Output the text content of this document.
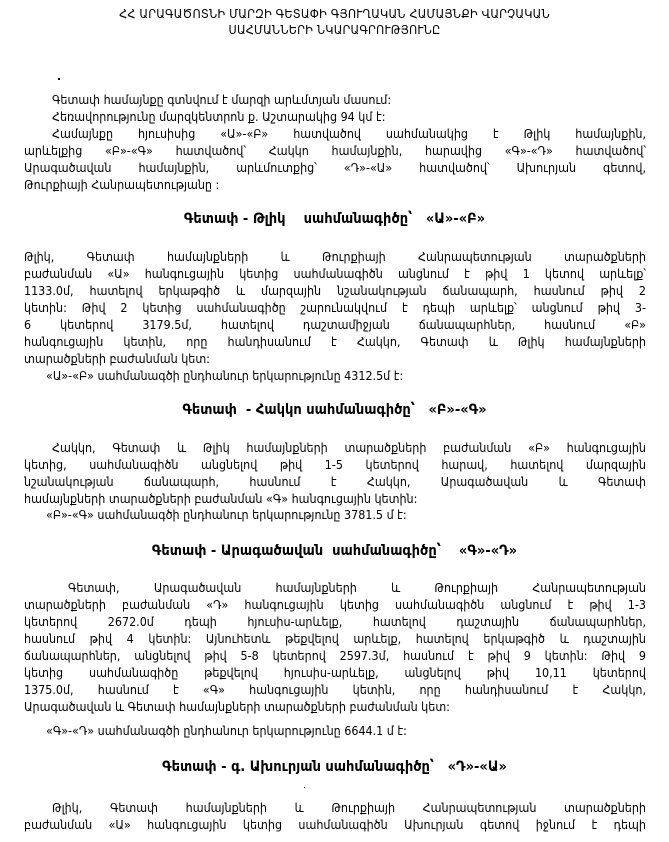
ՀՀ ԱՐԱԳԱԾՈՏՆԻ ՄԱՐԶԻ ԳԵՏԱՓԻ ԳՅՈՒՂԱԿԱՆ ՀԱՄԱՅՆՔԻ ՎԱՐՉԱԿԱՆ
ՍԱՀՄԱՆՆԵՐԻ ՆԿԱՐԱԳՐՈՒԹՅՈՒՆԸ
Գետափ համայնքը գտնվում է մարզի արևմտյան մասում:
Հեռավորությունը մարզկենտրոն ք. Աշտարակից 94 կմ է:
Համայնքը հյուսիսից «Ա»-«Բ» հատվածով սահմանակից է Թլիկ համայնքին,
արևելքից «Բ»-«Գ» հատվածով՝ Հակկո համայնքին, հարավից «Գ»-«Դ» հատվածով՝
Արագածավան համայնքին, արևմուտքից՝ «Դ»-«Ա» հատվածով՝ Ախուրյան գետով,
Թուրքիայի Հանրապետությանը :
Գետափ - Թլիկ    սահմանագիծը՝   «Ա»-«Բ»
Թլիկ, Գետափ համայնքների և Թուրքիայի Հանրապետության տարածքների
բաժանման «Ա» հանգուցային կետից սահմանագիծն անցնում է թիվ 1 կետով արևելք՝
1133.0մ, հատելով երկաթգիծ և մարզային նշանակության ճանապարհ, հասնում թիվ 2
կետին: Թիվ 2 կետից սահմանագիծը շարունակվում է դեպի արևելք՝ անցնում թիվ 3-
6 կետերով 3179.5մ, հատելով դաշտամիջյան ճանապարհներ, հասնում «Բ»
հանգուցային կետին, որը հանդիսանում է Հակկո, Գետափ և Թլիկ համայնքների
տարածքների բաժանման կետ:
«Ա»-«Բ» սահմանագծի ընդհանուր երկարությունը 4312.5մ է:
Գետափ  - Հակկո սահմանագիծը՝   «Բ»-«Գ»
Հակկո, Գետափ և Թլիկ համայնքների տարածքների բաժանման «Բ» հանգուցային
կետից, սահմանագիծն անցնելով թիվ 1-5 կետերով հարավ, հատելով մարզային
նշանակության ճանապարհ, հասնում է Հակկո, Արագածավան և Գետափ
համայնքների տարածքների բաժանման «Գ» հանգուցային կետին:
«Բ»-«Գ» սահմանագծի ընդհանուր երկարությունը 3781.5 մ է:
Գետափ - Արագածավան  սահմանագիծը՝    «Գ»-«Դ»
Գետափ, Արագածավան համայնքների և Թուրքիայի Հանրապետության
տարածքների բաժանման «Դ» հանգուցային կետից սահմանագիծն անցնում է թիվ 1-3
կետերով 2672.0մ դեպի հյուսիս-արևելք, հատելով դաշտային ճանապարհներ,
հասնում թիվ 4 կետին: Այնուհետև թեքվելով արևելք, հատելով երկաթգիծ և դաշտային
ճանապարհներ, անցնելով թիվ 5-8 կետերով 2597.3մ, հասնում է թիվ 9 կետին: Թիվ 9
կետից սահմանագիծը թեքվելով հյուսիս-արևելք, անցնելով թիվ 10,11 կետերով
1375.0մ, հասնում է «Գ» հանգուցային կետին, որը հանդիսանում է Հակկո,
Արագածավան և Գետափ համայնքների տարածքների բաժանման կետ:
«Գ»-«Դ» սահմանագծի ընդհանուր երկարությունը 6644.1 մ է:
Գետափ - գ. Ախուրյան սահմանագիծը՝   «Դ»-«Ա»
Թլիկ, Գետափ համայնքների և Թուրքիայի Հանրապետության տարածքների
բաժանման «Ա» հանգուցային կետից սահմանագիծն Ախուրյան գետով իջնում է դեպի
